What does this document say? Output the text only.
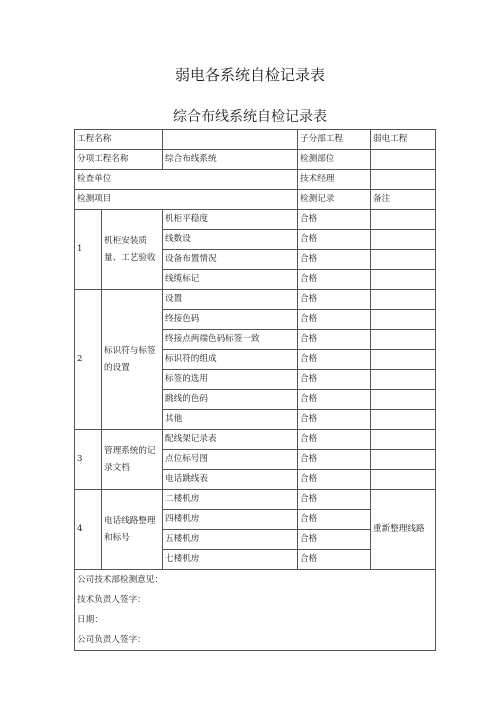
弱电各系统自检记录表
综合布线系统自检记录表
工程名称			子分部工程	弱电工程
分项工程名称		综合布线系统	检测部位	
检查单位			技术经理	
检测项目			检测记录	备注
1	机柜安装质量、工艺验收	机柜平稳度	合格	
		线数设	合格	
		设备布置情况	合格	
		线缆标记	合格	
2	标识符与标签的设置	设置	合格	
		终接色码	合格	
		终接点两端色码标签一致	合格	
		标识符的组成	合格	
		标签的选用	合格	
		跳线的色码	合格	
		其他	合格	
3	管理系统的记录文档	配线架记录表	合格	
		点位标号图	合格	
		电话跳线表	合格	
4	电话线路整理和标号	二楼机房	合格	重新整理线路
		四楼机房	合格	
		五楼机房	合格	
		七楼机房	合格	
公司技术部检测意见：				
技术负责人签字：				
日期：				
公司负责人签字：				
